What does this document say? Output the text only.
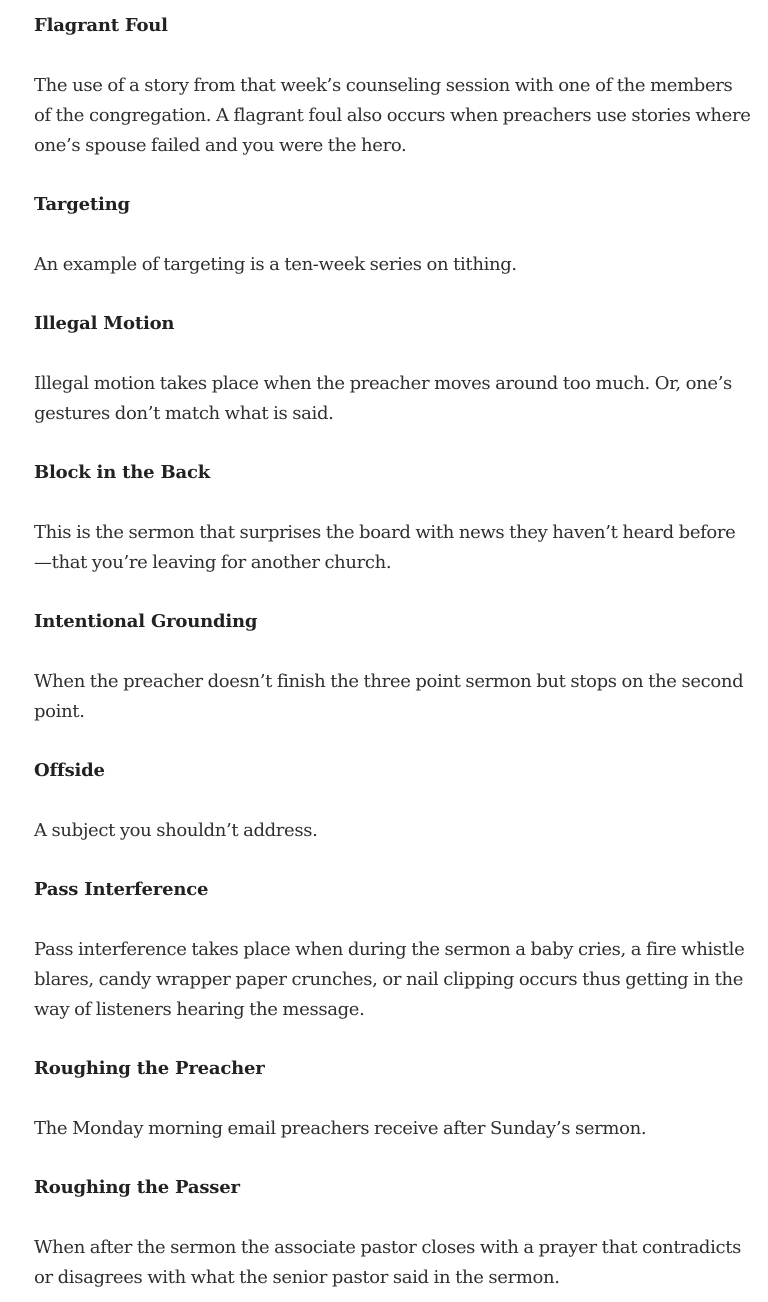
Flagrant Foul

The use of a story from that week’s counseling session with one of the members of the congregation. A flagrant foul also occurs when preachers use stories where one’s spouse failed and you were the hero.

Targeting

An example of targeting is a ten-week series on tithing.

Illegal Motion

Illegal motion takes place when the preacher moves around too much. Or, one’s gestures don’t match what is said.

Block in the Back

This is the sermon that surprises the board with news they haven’t heard before—that you’re leaving for another church.

Intentional Grounding

When the preacher doesn’t finish the three point sermon but stops on the second point.

Offside

A subject you shouldn’t address.

Pass Interference

Pass interference takes place when during the sermon a baby cries, a fire whistle blares, candy wrapper paper crunches, or nail clipping occurs thus getting in the way of listeners hearing the message.

Roughing the Preacher

The Monday morning email preachers receive after Sunday’s sermon.

Roughing the Passer

When after the sermon the associate pastor closes with a prayer that contradicts or disagrees with what the senior pastor said in the sermon.
